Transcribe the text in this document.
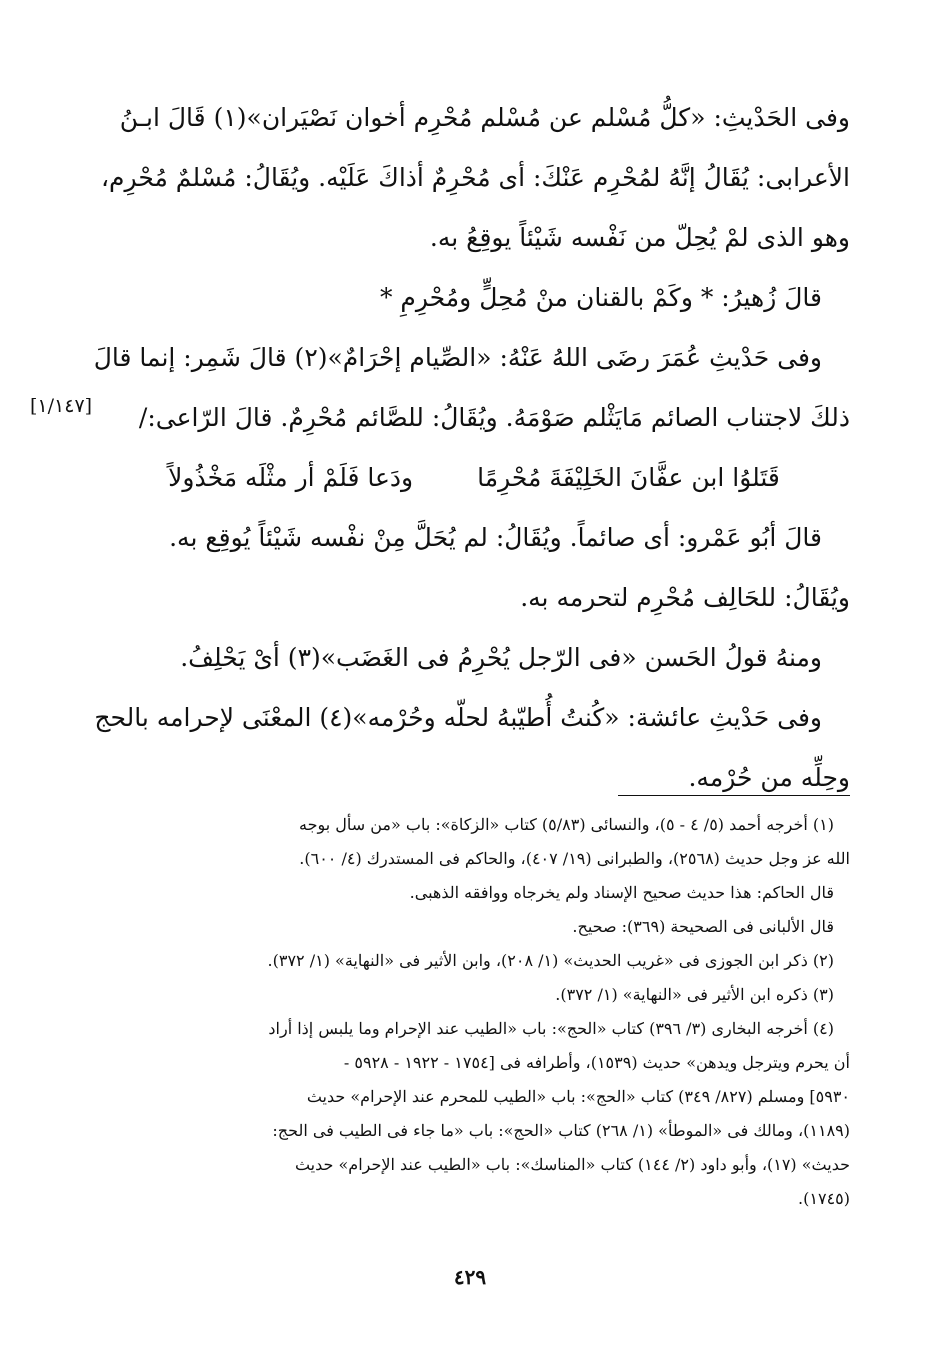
وفى الحَدْيثِ: «كلُّ مُسْلم عن مُسْلم مُحْرِم أخوان نَصْيَران»(١) قَالَ ابـنُ
الأعرابى: يُقَالُ إنَّهُ لمُحْرِم عَنْكَ: أى مُحْرِمٌ أذاكَ عَلَيْه. ويُقَالُ: مُسْلمٌ مُحْرِم،
وهو الذى لمْ يُحِلّ من نَفْسه شَيْئاً يوقِعُ به.
قالَ زُهيرُ: * وكَمْ بالقنان منْ مُحِلٍّ ومُحْرِمِ *
وفى حَدْيثِ عُمَرَ رضَى اللهُ عَنْهُ: «الصِّيام إحْرَامٌ»(٢) قالَ شَمِر: إنما قالَ
ذلكَ لاجتناب الصائم مَايَثْلم صَوْمَهُ. ويُقَالُ: للصَّائم مُحْرِمٌ. قالَ الرّاعى:/
قَتَلوُا ابن عفَّانَ الخَلِيْفَةَ مُحْرِمًا ودَعا فَلَمْ أر مثْلَه مَخْذُولاً
قالَ أبُو عَمْرو: أى صائماً. ويُقَالُ: لم يُحَلَّ مِنْ نفْسه شَيْئاً يُوقِع به.
ويُقَالُ: للحَالِف مُحْرِم لتحرمه به.
ومنهُ قولُ الحَسن «فى الرّجل يُحْرِمُ فى الغَضَب»(٣) أىْ يَحْلِفُ.
وفى حَدْيثِ عائشة: «كُنتُ أُطيّبهُ لحلّه وحُرْمه»(٤) المعْنَى لإحرامه بالحج
وحِلِّه من حُرْمه.
[١/١٤٧]
(١) أخرجه أحمد (٥/ ٤ - ٥)، والنسائى (٥/٨٣) كتاب «الزكاة»: باب «من سأل بوجه
الله عز وجل حديث (٢٥٦٨)، والطبرانى (١٩/ ٤٠٧)، والحاكم فى المستدرك (٤/ ٦٠٠).
قال الحاكم: هذا حديث صحيح الإسناد ولم يخرجاه ووافقه الذهبى.
قال الألبانى فى الصحيحة (٣٦٩): صحيح.
(٢) ذكر ابن الجوزى فى «غريب الحديث» (١/ ٢٠٨)، وابن الأثير فى «النهاية» (١/ ٣٧٢).
(٣) ذكره ابن الأثير فى «النهاية» (١/ ٣٧٢).
(٤) أخرجه البخارى (٣/ ٣٩٦) كتاب «الحج»: باب «الطيب عند الإحرام وما يلبس إذا أراد
أن يحرم ويترجل ويدهن» حديث (١٥٣٩)، وأطرافه فى [١٧٥٤ - ١٩٢٢ - ٥٩٢٨ -
٥٩٣٠] ومسلم (٨٢٧/ ٣٤٩) كتاب «الحج»: باب «الطيب للمحرم عند الإحرام» حديث
(١١٨٩)، ومالك فى «الموطأ» (١/ ٢٦٨) كتاب «الحج»: باب «ما جاء فى الطيب فى الحج:
حديث» (١٧)، وأبو داود (٢/ ١٤٤) كتاب «المناسك»: باب «الطيب عند الإحرام» حديث
(١٧٤٥).
٤٢٩
